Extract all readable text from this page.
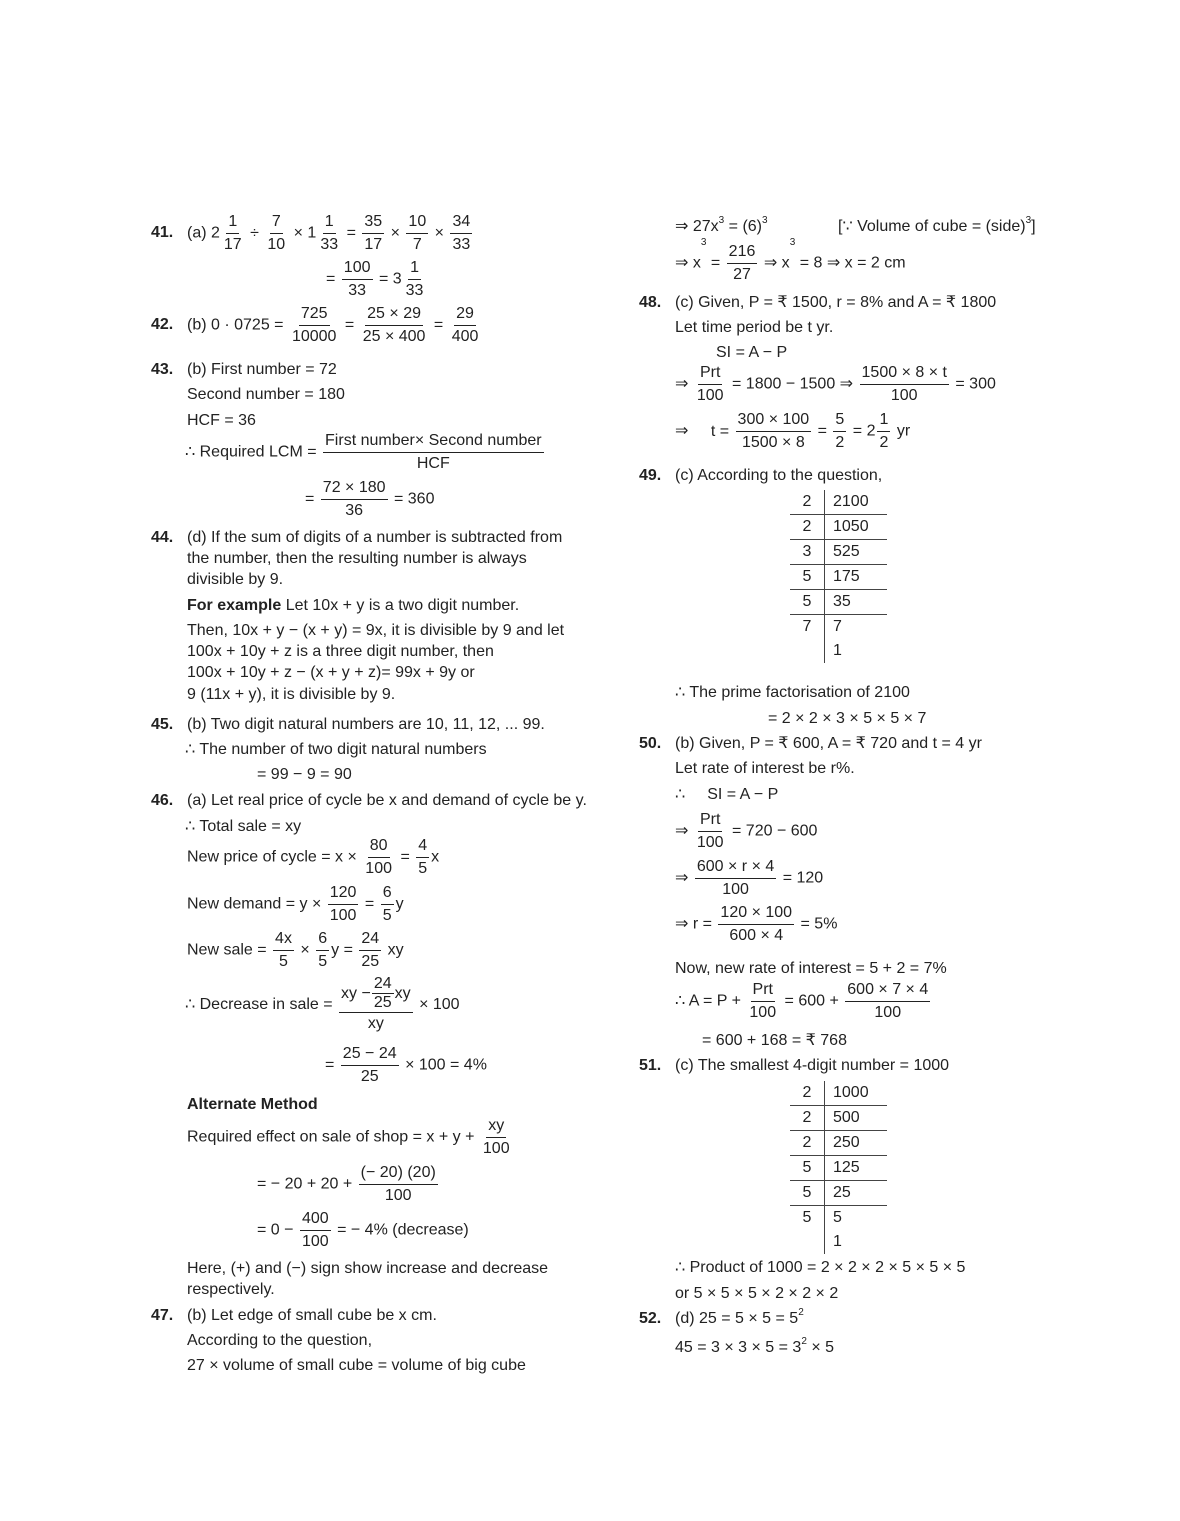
41. (a) $2 \frac{1}{17} \div \frac{7}{10} \times 1 \frac{1}{33} = \frac{35}{17} \times \frac{10}{7} \times \frac{34}{33}$
= $\frac{100}{33} = 3 \frac{1}{33}$
42. (b) $0 \cdot 0725 = \frac{725}{10000} = \frac{25 \times 29}{25 \times 400} = \frac{29}{400}$
43. (b) First number = 72
Second number = 180
HCF = 36
∴ Required LCM = $\frac{\text{First number× Second number}}{\text{HCF}}$
= $\frac{72 \times 180}{36} = 360$
44. (d) If the sum of digits of a number is subtracted from
the number, then the resulting number is always
divisible by 9.
For example Let 10x + y is a two digit number.
Then, 10x + y − (x + y) = 9x, it is divisible by 9 and let
100x + 10y + z is a three digit number, then
100x + 10y + z − (x + y + z)= 99x + 9y or
9 (11x + y), it is divisible by 9.
45. (b) Two digit natural numbers are 10, 11, 12, ... 99.
∴ The number of two digit natural numbers
= 99 − 9 = 90
46. (a) Let real price of cycle be x and demand of cycle be y.
∴ Total sale = xy
New price of cycle = $x \times \frac{80}{100} = \frac{4}{5}$ x
New demand = $y \times \frac{120}{100} = \frac{6}{5}$ y
New sale = $\frac{4x}{5} \times \frac{6}{5}$ $y = \frac{24}{25}$ xy
∴ Decrease in sale = $\frac{xy - \frac{24}{25} xy}{xy} \times 100$
= $\frac{25 - 24}{25} \times 100 = 4\%$
Alternate Method
Required effect on sale of shop = $x + y + \frac{xy}{100}$
= − $20 + 20 + \frac{(- 20) (20)}{100}$
= $0 - \frac{400}{100}$ = − 4% (decrease)
Here, (+) and (−) sign show increase and decrease
respectively.
47. (b) Let edge of small cube be x cm.
According to the question,
27 × volume of small cube = volume of big cube
⇒ $27x^3 = (6)^3$	[∵ Volume of cube = (side)$^3$]
⇒ $x^3 = \frac{216}{27}$ ⇒ $x^3 = 8$ ⇒ x = 2 cm
48. (c) Given, P = ₹ 1500, r = 8% and A = ₹ 1800
Let time period be t yr.
SI = A − P
⇒ $\frac{\text{Prt}}{100} = 1800 - 1500$ ⇒ $\frac{1500 \times 8 \times t}{100} = 300$
⇒ $t = \frac{300 \times 100}{1500 \times 8} = \frac{5}{2} = 2 \frac{1}{2}$ yr
49. (c) According to the question,
2	2100
2	1050
3	525
5	175
5	35
7	7
	1
∴ The prime factorisation of 2100
= 2 × 2 × 3 × 5 × 5 × 7
50. (b) Given, P = ₹ 600, A = ₹ 720 and t = 4 yr
Let rate of interest be r%.
∴ SI = A − P
⇒ $\frac{\text{Prt}}{100} = 720 - 600$
⇒ $\frac{600 \times r \times 4}{100} = 120$
⇒ $r = \frac{120 \times 100}{600 \times 4} = 5\%$
Now, new rate of interest = 5 + 2 = 7%
∴ $A = P + \frac{\text{Prt}}{100} = 600 + \frac{600 \times 7 \times 4}{100}$
= 600 + 168 = ₹ 768
51. (c) The smallest 4-digit number = 1000
2	1000
2	500
2	250
5	125
5	25
5	5
	1
∴ Product of 1000 = 2 × 2 × 2 × 5 × 5 × 5
or 5 × 5 × 5 × 2 × 2 × 2
52. (d) $25 = 5 \times 5 = 5^2$
$45 = 3 \times 3 \times 5 = 3^2 \times 5$
